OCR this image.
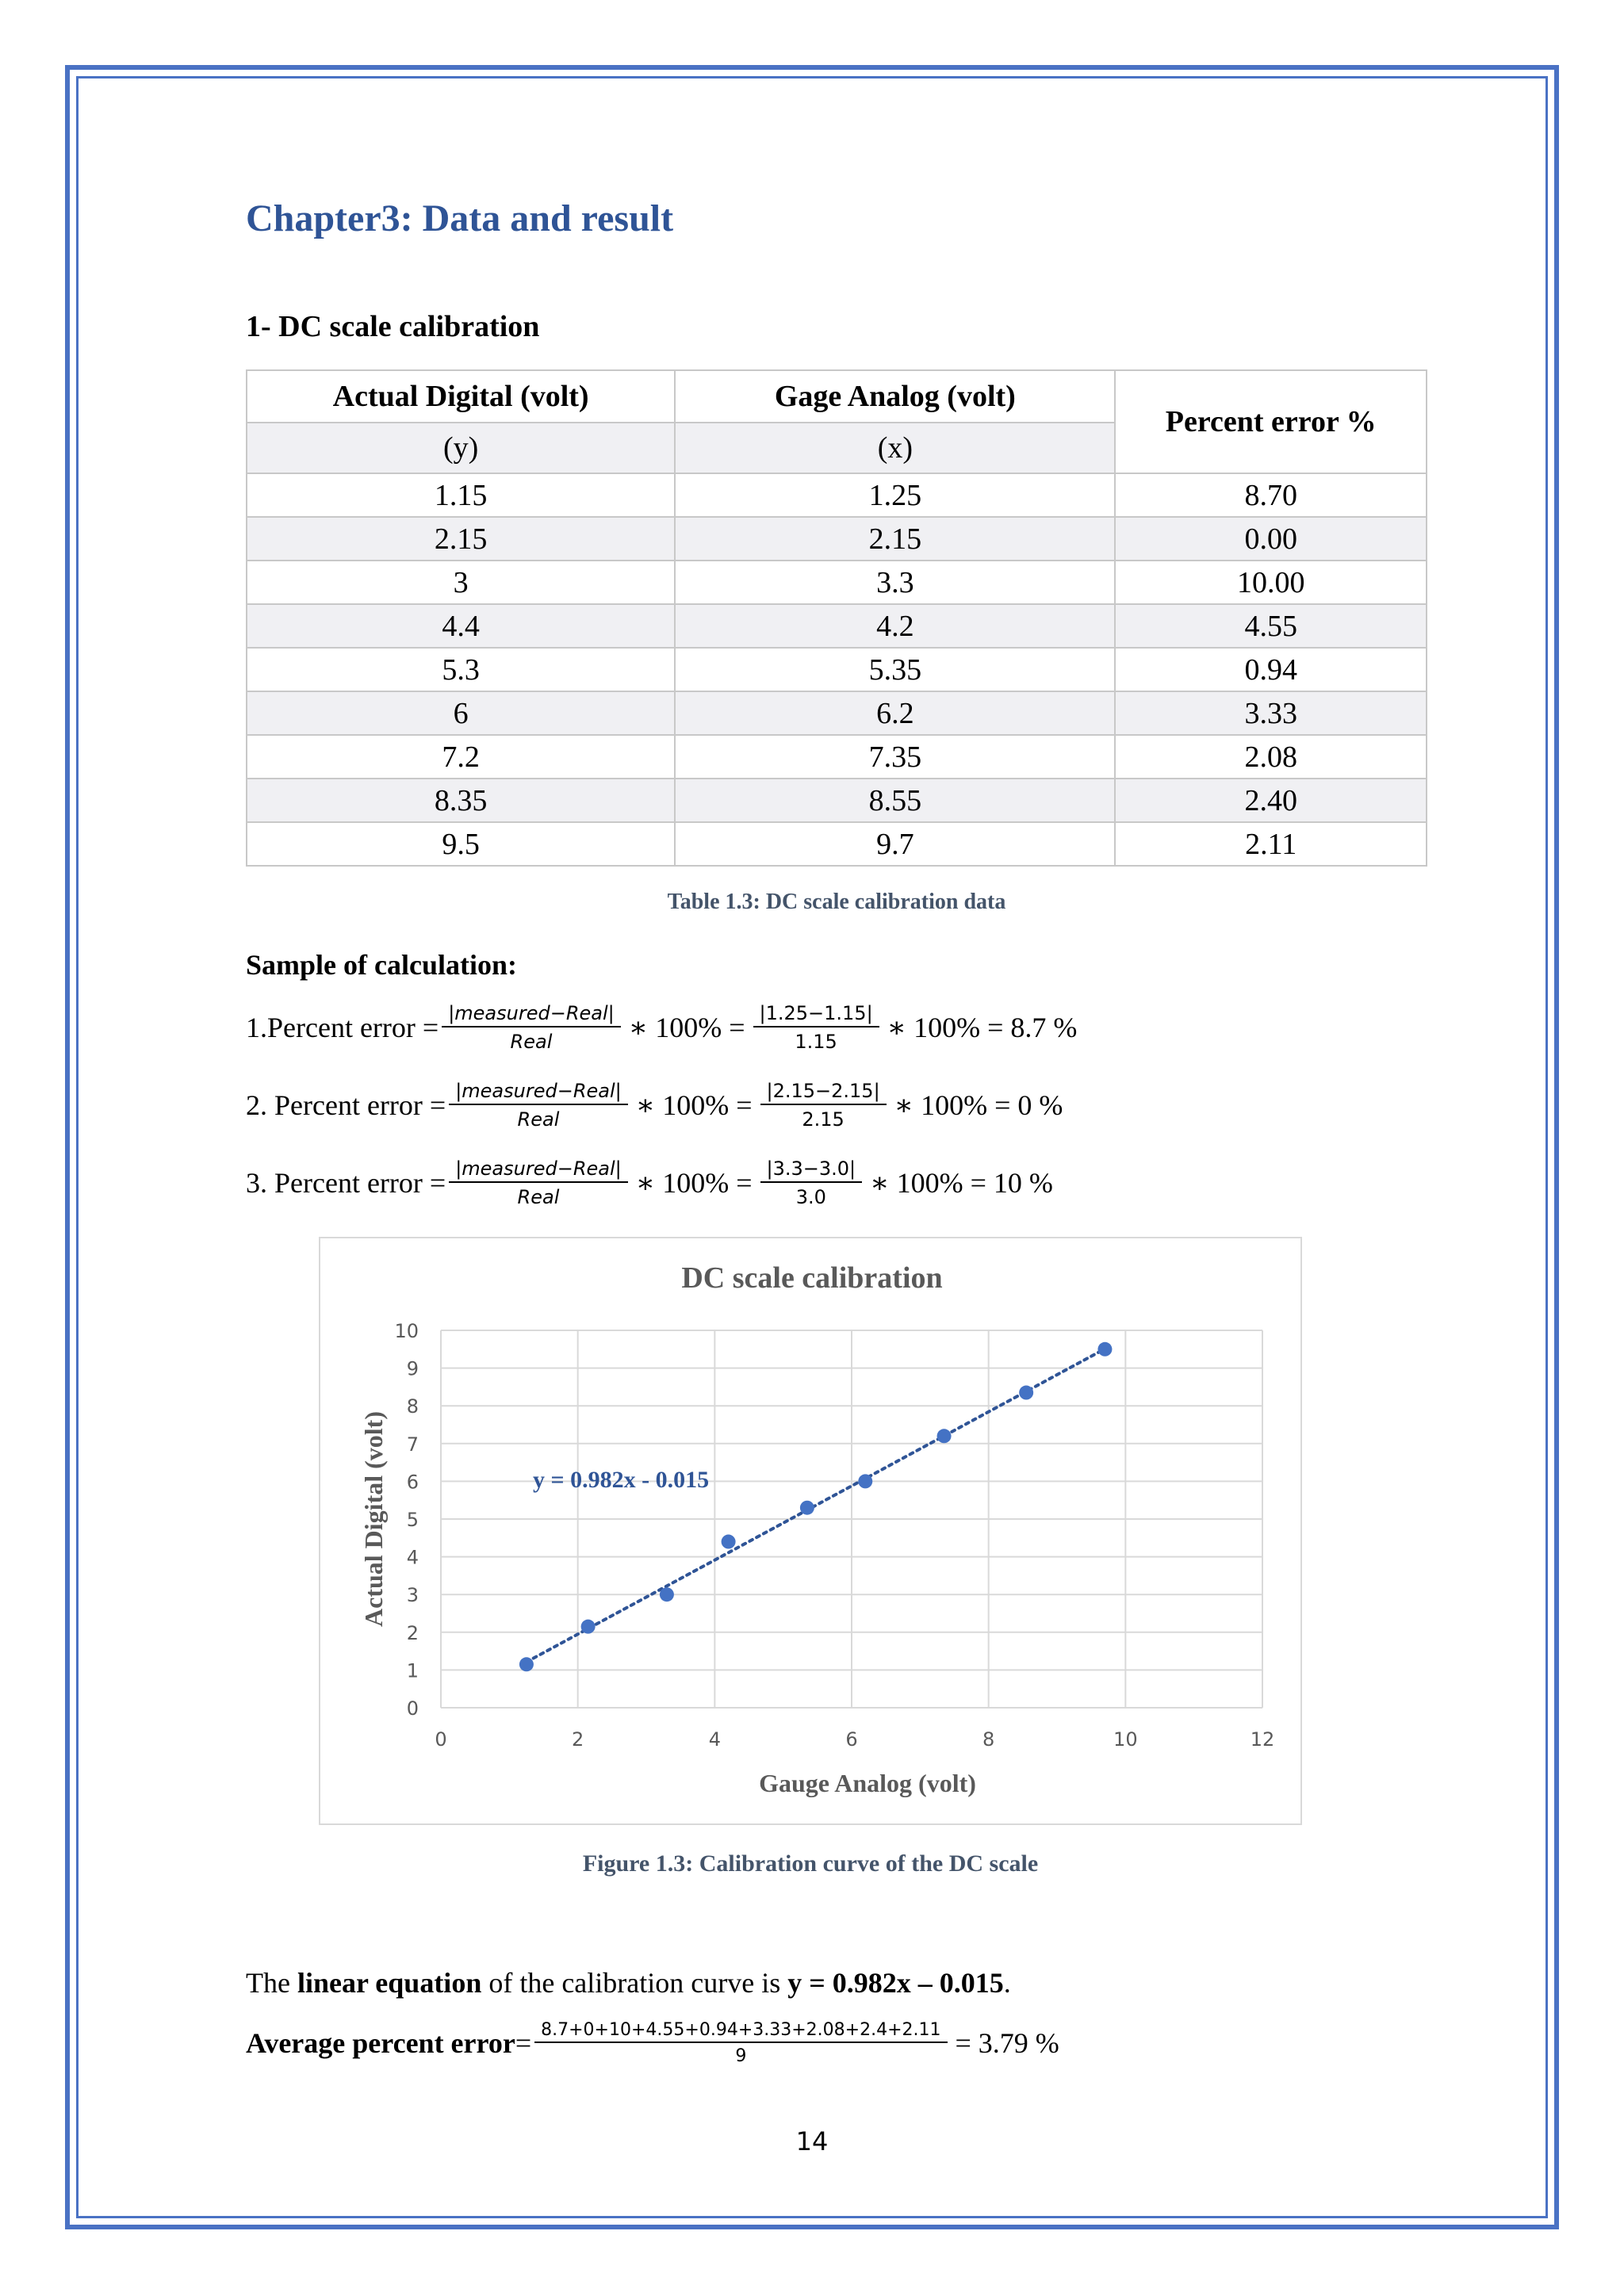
Chapter3: Data and result
1- DC scale calibration
Actual Digital (volt)	Gage Analog (volt)	Percent error %
(y)	(x)	
1.15	1.25	8.70
2.15	2.15	0.00
3	3.3	10.00
4.4	4.2	4.55
5.3	5.35	0.94
6	6.2	3.33
7.2	7.35	2.08
8.35	8.55	2.40
9.5	9.7	2.11
Table 1.3: DC scale calibration data
Sample of calculation:
1.Percent error = $\frac{\text{|measured−Real|}}{\text{Real}}$ ∗ $100\% = \frac{|1.25-1.15|}{1.15}$ ∗ 100% = 8.7 %
2. Percent error = $\frac{\text{|measured−Real|}}{\text{Real}}$ ∗ $100\% = \frac{|2.15-2.15|}{2.15}$ ∗ 100% = 0 %
3. Percent error = $\frac{\text{|measured−Real|}}{\text{Real}}$ ∗ $100\% = \frac{|3.3-3.0|}{3.0}$ ∗ 100% = 10 %
0
1
2
3
4
5
6
7
8
9
10
0	2	4	6	8	10	12
DC scale calibration
Gauge Analog (volt)
Actual Digital (volt)	y = 0.982x - 0.015
Figure 1.3: Calibration curve of the DC scale
The linear equation of the calibration curve is y = 0.982x – 0.015.
Average percent error = $\frac{8.7+0+10+4.55+0.94+3.33+2.08+2.4+2.11}{9} = 3.79$ %
14
